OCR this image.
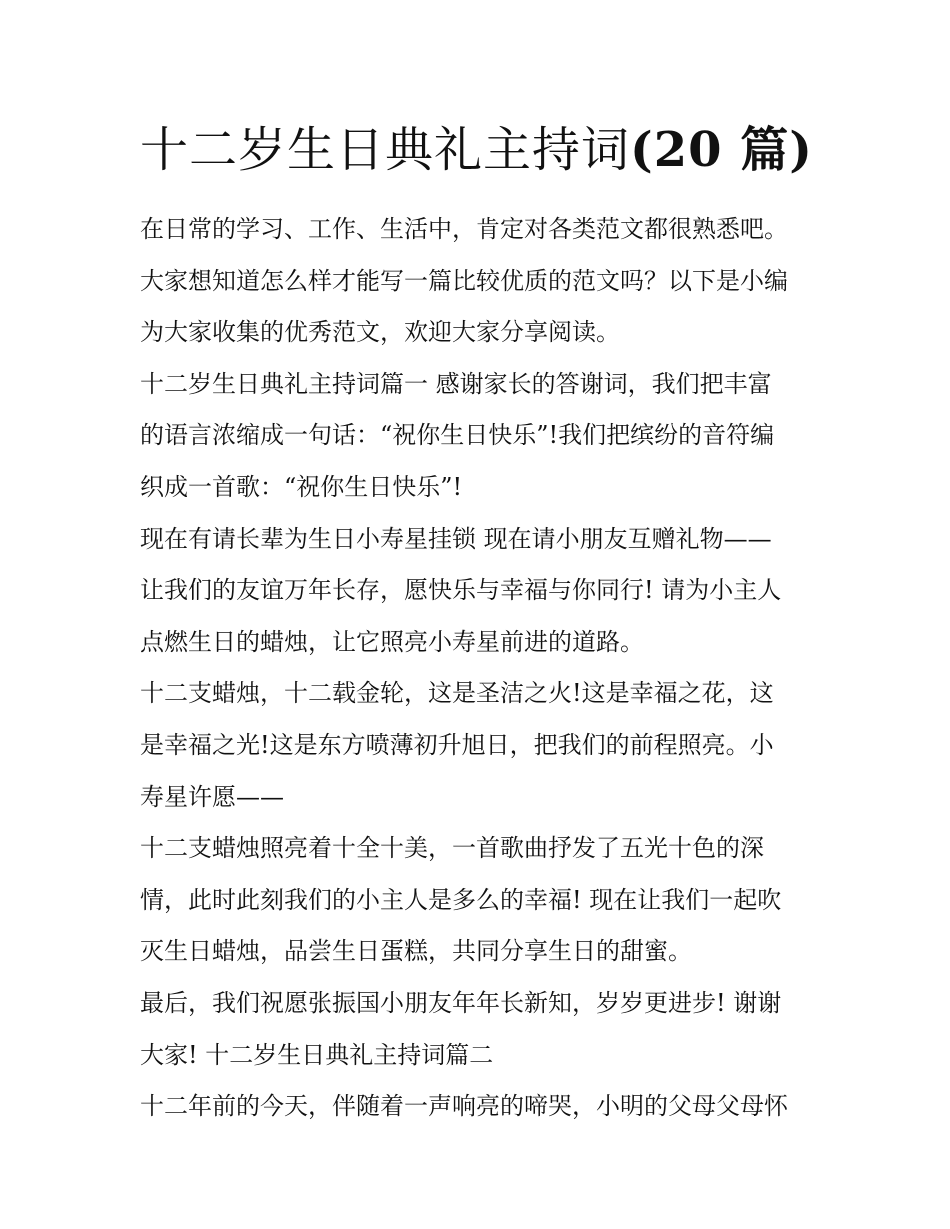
十二岁生日典礼主持词(20 篇)
在日常的学习、工作、生活中，肯定对各类范文都很熟悉吧。
大家想知道怎么样才能写一篇比较优质的范文吗？以下是小编
为大家收集的优秀范文，欢迎大家分享阅读。
十二岁生日典礼主持词篇一 感谢家长的答谢词，我们把丰富
的语言浓缩成一句话：“祝你生日快乐”!我们把缤纷的音符编
织成一首歌：“祝你生日快乐”!
现在有请长辈为生日小寿星挂锁 现在请小朋友互赠礼物——
让我们的友谊万年长存，愿快乐与幸福与你同行! 请为小主人
点燃生日的蜡烛，让它照亮小寿星前进的道路。
十二支蜡烛，十二载金轮，这是圣洁之火!这是幸福之花，这
是幸福之光!这是东方喷薄初升旭日，把我们的前程照亮。小
寿星许愿——
十二支蜡烛照亮着十全十美，一首歌曲抒发了五光十色的深
情，此时此刻我们的小主人是多么的幸福! 现在让我们一起吹
灭生日蜡烛，品尝生日蛋糕，共同分享生日的甜蜜。
最后，我们祝愿张振国小朋友年年长新知，岁岁更进步! 谢谢
大家! 十二岁生日典礼主持词篇二
十二年前的今天，伴随着一声响亮的啼哭，小明的父母父母怀
